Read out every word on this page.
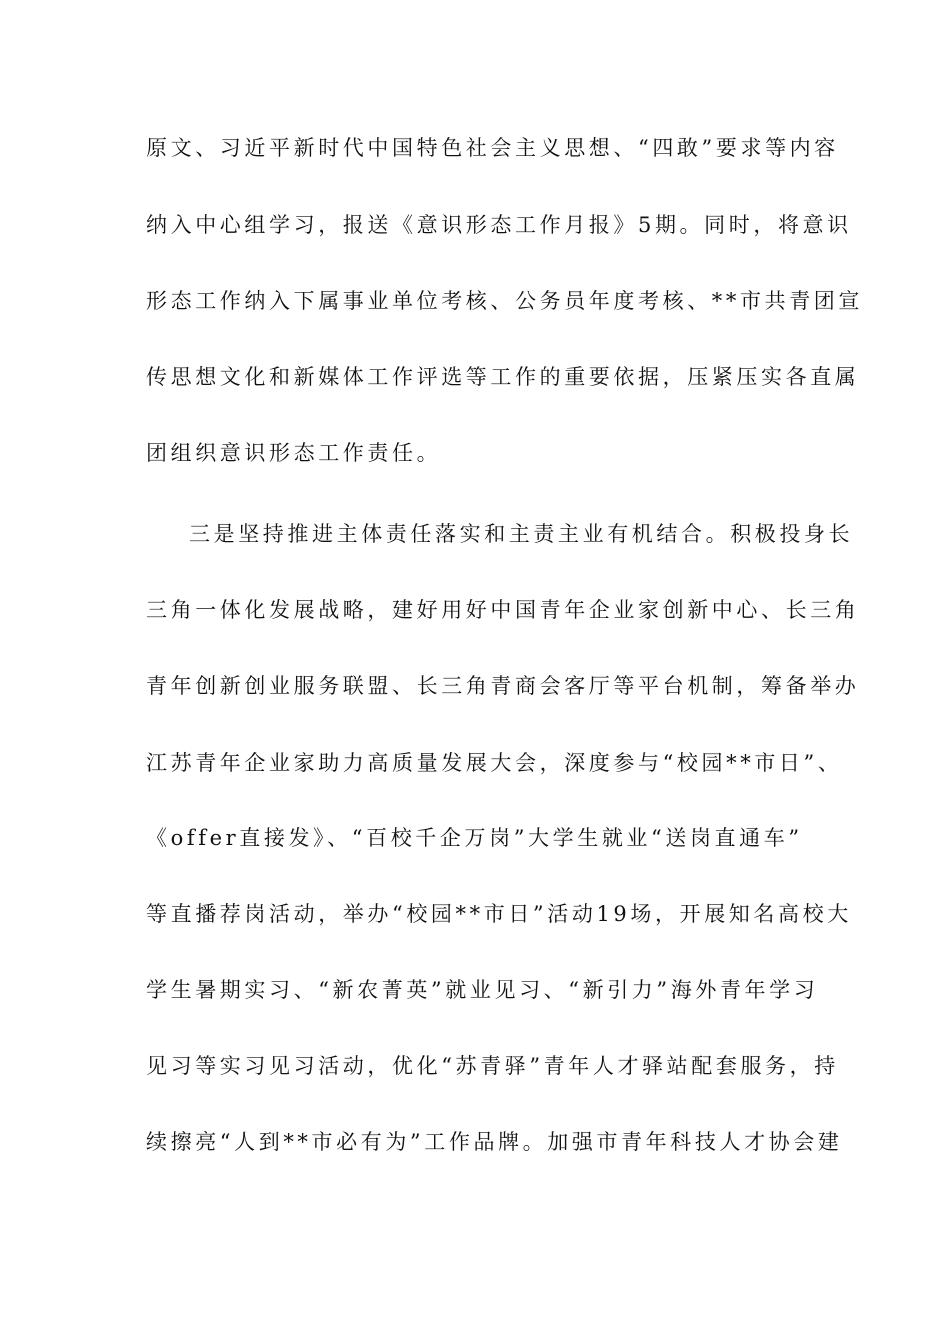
原文、习近平新时代中国特色社会主义思想、“四敢”要求等内容
纳入中心组学习，报送《意识形态工作月报》5期。同时，将意识
形态工作纳入下属事业单位考核、公务员年度考核、**市共青团宣
传思想文化和新媒体工作评选等工作的重要依据，压紧压实各直属
团组织意识形态工作责任。
三是坚持推进主体责任落实和主责主业有机结合。积极投身长
三角一体化发展战略，建好用好中国青年企业家创新中心、长三角
青年创新创业服务联盟、长三角青商会客厅等平台机制，筹备举办
江苏青年企业家助力高质量发展大会，深度参与“校园**市日”、
《offer直接发》、“百校千企万岗”大学生就业“送岗直通车”
等直播荐岗活动，举办“校园**市日”活动19场，开展知名高校大
学生暑期实习、“新农菁英”就业见习、“新引力”海外青年学习
见习等实习见习活动，优化“苏青驿”青年人才驿站配套服务，持
续擦亮“人到**市必有为”工作品牌。加强市青年科技人才协会建
